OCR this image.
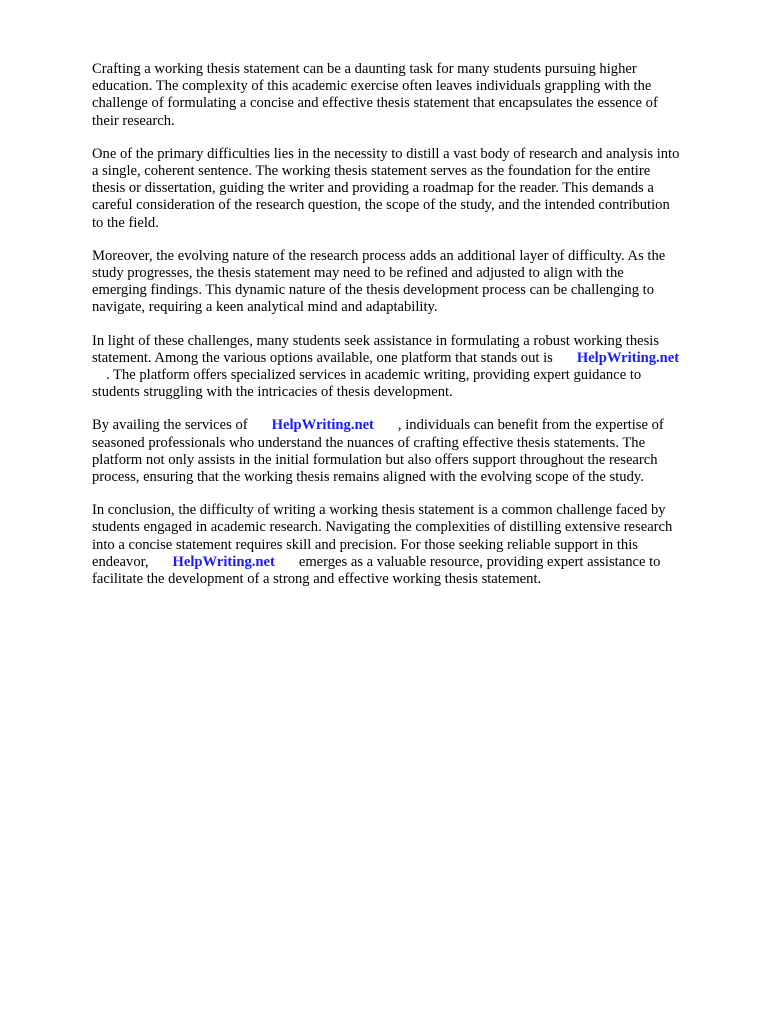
Crafting a working thesis statement can be a daunting task for many students pursuing higher
education. The complexity of this academic exercise often leaves individuals grappling with the
challenge of formulating a concise and effective thesis statement that encapsulates the essence of
their research.

One of the primary difficulties lies in the necessity to distill a vast body of research and analysis into
a single, coherent sentence. The working thesis statement serves as the foundation for the entire
thesis or dissertation, guiding the writer and providing a roadmap for the reader. This demands a
careful consideration of the research question, the scope of the study, and the intended contribution
to the field.

Moreover, the evolving nature of the research process adds an additional layer of difficulty. As the
study progresses, the thesis statement may need to be refined and adjusted to align with the
emerging findings. This dynamic nature of the thesis development process can be challenging to
navigate, requiring a keen analytical mind and adaptability.

In light of these challenges, many students seek assistance in formulating a robust working thesis
statement. Among the various options available, one platform that stands out is HelpWriting.net
. The platform offers specialized services in academic writing, providing expert guidance to
students struggling with the intricacies of thesis development.

By availing the services of HelpWriting.net , individuals can benefit from the expertise of
seasoned professionals who understand the nuances of crafting effective thesis statements. The
platform not only assists in the initial formulation but also offers support throughout the research
process, ensuring that the working thesis remains aligned with the evolving scope of the study.

In conclusion, the difficulty of writing a working thesis statement is a common challenge faced by
students engaged in academic research. Navigating the complexities of distilling extensive research
into a concise statement requires skill and precision. For those seeking reliable support in this
endeavor, HelpWriting.net emerges as a valuable resource, providing expert assistance to
facilitate the development of a strong and effective working thesis statement.
